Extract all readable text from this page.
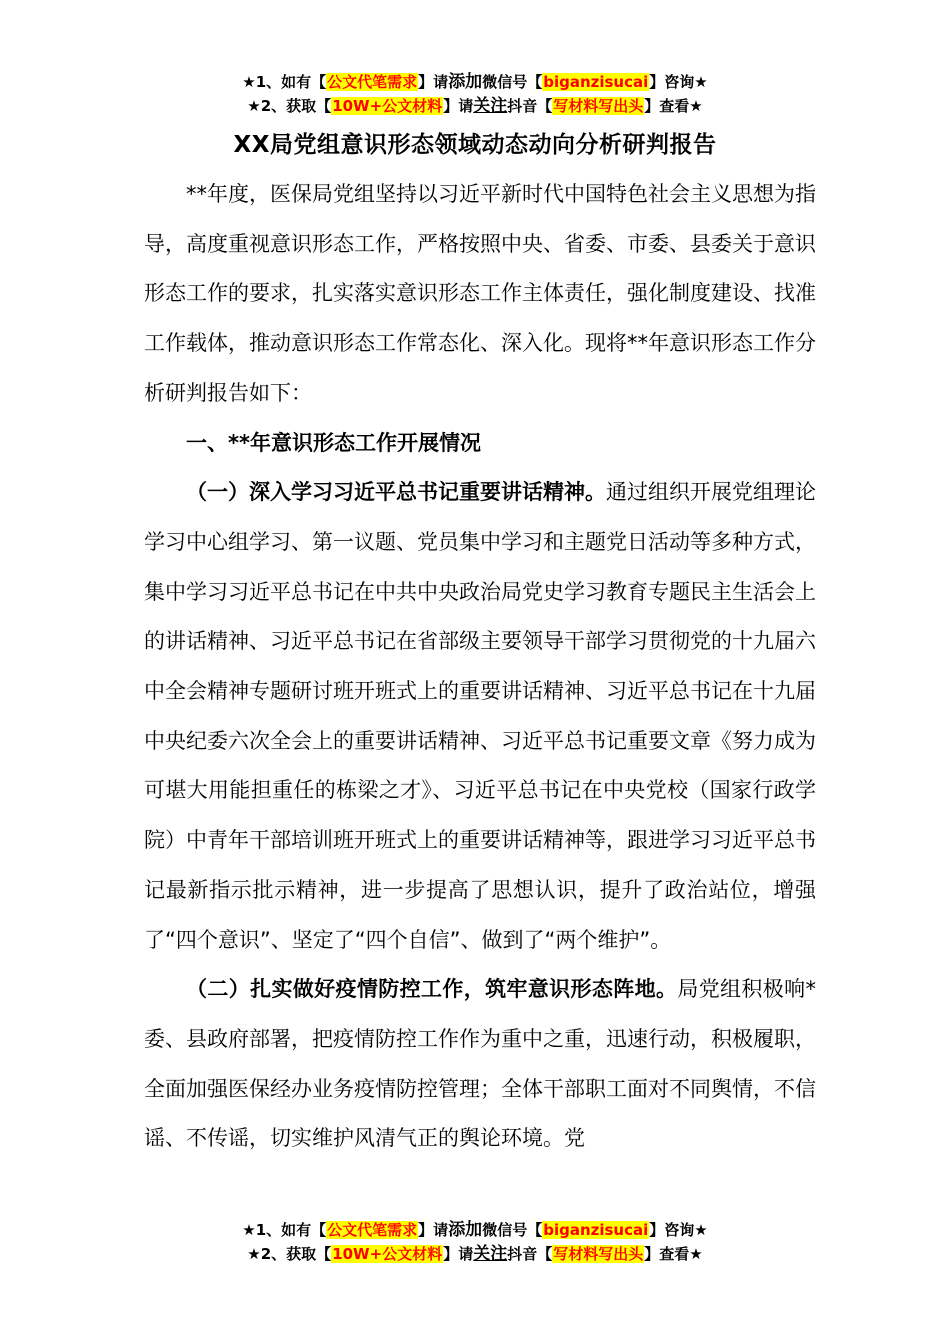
★1、如有【公文代笔需求】请添加微信号【biganzisucai】咨询★
★2、获取【10W+公文材料】请关注抖音【写材料写出头】查看★
XX局党组意识形态领域动态动向分析研判报告

**年度，医保局党组坚持以习近平新时代中国特色社会主义思想为指导，高度重视意识形态工作，严格按照中央、省委、市委、县委关于意识形态工作的要求，扎实落实意识形态工作主体责任，强化制度建设、找准工作载体，推动意识形态工作常态化、深入化。现将**年意识形态工作分析研判报告如下：

一、**年意识形态工作开展情况

（一）深入学习习近平总书记重要讲话精神。通过组织开展党组理论学习中心组学习、第一议题、党员集中学习和主题党日活动等多种方式，集中学习习近平总书记在中共中央政治局党史学习教育专题民主生活会上的讲话精神、习近平总书记在省部级主要领导干部学习贯彻党的十九届六中全会精神专题研讨班开班式上的重要讲话精神、习近平总书记在十九届中央纪委六次全会上的重要讲话精神、习近平总书记重要文章《努力成为可堪大用能担重任的栋梁之才》、习近平总书记在中央党校（国家行政学院）中青年干部培训班开班式上的重要讲话精神等，跟进学习习近平总书记最新指示批示精神，进一步提高了思想认识，提升了政治站位，增强了“四个意识”、坚定了“四个自信”、做到了“两个维护”。

（二）扎实做好疫情防控工作，筑牢意识形态阵地。局党组积极响*委、县政府部署，把疫情防控工作作为重中之重，迅速行动，积极履职，全面加强医保经办业务疫情防控管理；全体干部职工面对不同舆情，不信谣、不传谣，切实维护风清气正的舆论环境。党

★1、如有【公文代笔需求】请添加微信号【biganzisucai】咨询★
★2、获取【10W+公文材料】请关注抖音【写材料写出头】查看★
